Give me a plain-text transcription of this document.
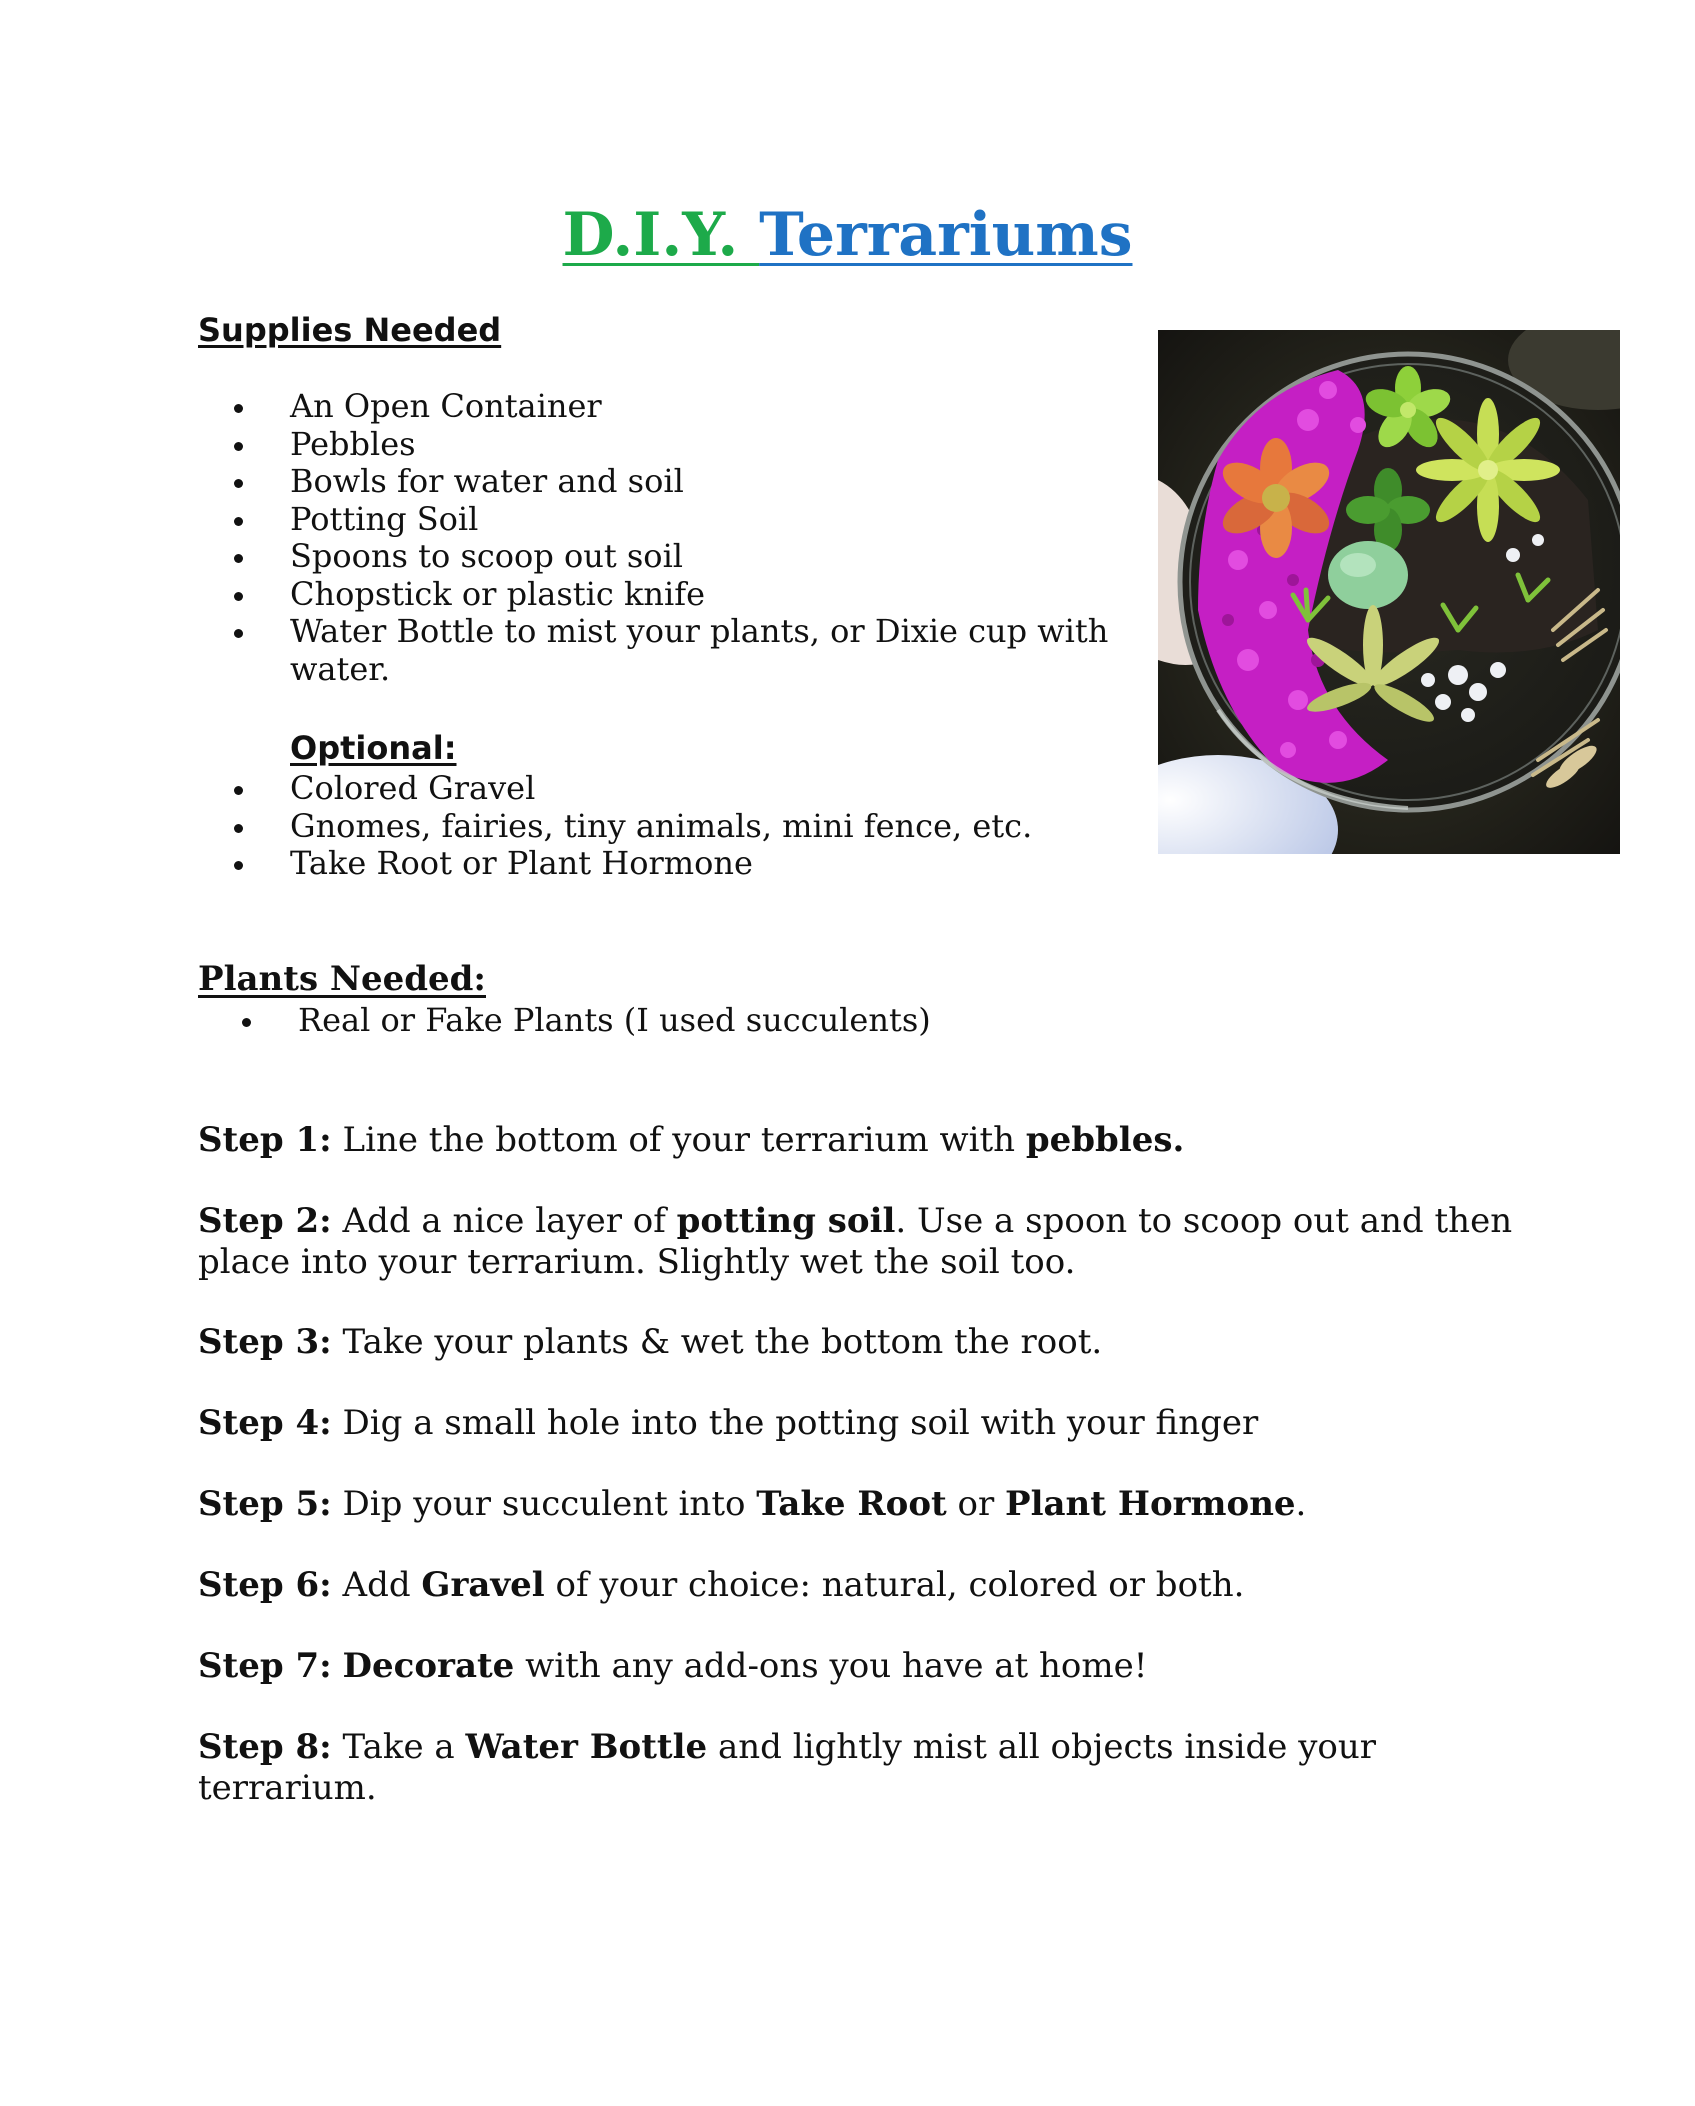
D.I.Y. Terrariums
Supplies Needed
An Open Container
Pebbles
Bowls for water and soil
Potting Soil
Spoons to scoop out soil
Chopstick or plastic knife
Water Bottle to mist your plants, or Dixie cup with
water.
Optional:
Colored Gravel
Gnomes, fairies, tiny animals, mini fence, etc.
Take Root or Plant Hormone
Plants Needed:
Real or Fake Plants (I used succulents)
Step 1: Line the bottom of your terrarium with pebbles.
Step 2: Add a nice layer of potting soil. Use a spoon to scoop out and then place into your terrarium. Slightly wet the soil too.
Step 3: Take your plants & wet the bottom the root.
Step 4: Dig a small hole into the potting soil with your finger
Step 5: Dip your succulent into Take Root or Plant Hormone.
Step 6: Add Gravel of your choice: natural, colored or both.
Step 7: Decorate with any add-ons you have at home!
Step 8: Take a Water Bottle and lightly mist all objects inside your terrarium.
